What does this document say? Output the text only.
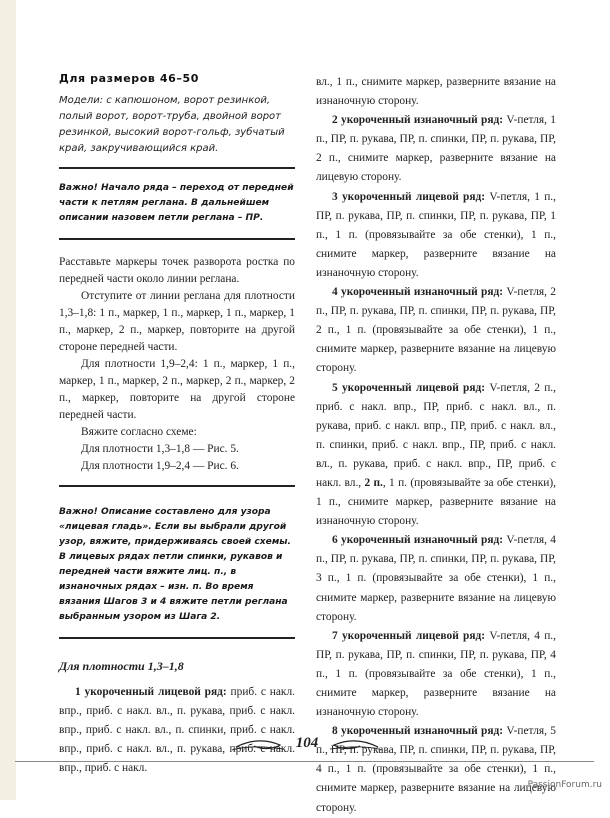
Для размеров 46–50
Модели: с капюшоном, ворот резинкой, полый ворот, ворот-труба, двойной ворот резинкой, высокий ворот-гольф, зубчатый край, закручивающийся край.
Важно! Начало ряда – переход от передней части к петлям реглана. В дальнейшем описании назовем петли реглана – ПР.

Расставьте маркеры точек разворота ростка по передней части около линии реглана.

Отступите от линии реглана для плотности 1,3–1,8: 1 п., маркер, 1 п., маркер, 1 п., маркер, 1 п., маркер, 2 п., маркер, повторите на другой стороне передней части.

Для плотности 1,9–2,4: 1 п., маркер, 1 п., маркер, 1 п., маркер, 2 п., маркер, 2 п., маркер, 2 п., маркер, повторите на другой стороне передней части.

Вяжите согласно схеме:

Для плотности 1,3–1,8 — Рис. 5.

Для плотности 1,9–2,4 — Рис. 6.

Важно! Описание составлено для узора «лицевая гладь». Если вы выбрали другой узор, вяжите, придерживаясь своей схемы. В лицевых рядах петли спинки, рукавов и передней части вяжите лиц. п., в изнаночных рядах – изн. п. Во время вязания Шагов 3 и 4 вяжите петли реглана выбранным узором из Шага 2.
Для плотности 1,3–1,8

1 укороченный лицевой ряд: приб. с накл. впр., приб. с накл. вл., п. рукава, приб. с накл. впр., приб. с накл. вл., п. спинки, приб. с накл. впр., приб. с накл. вл., п. рукава, приб. с накл. впр., приб. с накл.

вл., 1 п., снимите маркер, разверните вязание на изнаночную сторону.

2 укороченный изнаночный ряд: V-петля, 1 п., ПР, п. рукава, ПР, п. спинки, ПР, п. рукава, ПР, 2 п., снимите маркер, разверните вязание на лицевую сторону.

3 укороченный лицевой ряд: V-петля, 1 п., ПР, п. рукава, ПР, п. спинки, ПР, п. рукава, ПР, 1 п., 1 п. (провязывайте за обе стенки), 1 п., снимите маркер, разверните вязание на изнаночную сторону.

4 укороченный изнаночный ряд: V-петля, 2 п., ПР, п. рукава, ПР, п. спинки, ПР, п. рукава, ПР, 2 п., 1 п. (провязывайте за обе стенки), 1 п., снимите маркер, разверните вязание на лицевую сторону.

5 укороченный лицевой ряд: V-петля, 2 п., приб. с накл. впр., ПР, приб. с накл. вл., п. рукава, приб. с накл. впр., ПР, приб. с накл. вл., п. спинки, приб. с накл. впр., ПР, приб. с накл. вл., п. рукава, приб. с накл. впр., ПР, приб. с накл. вл., 2 п., 1 п. (провязывайте за обе стенки), 1 п., снимите маркер, разверните вязание на изнаночную сторону.

6 укороченный изнаночный ряд: V-петля, 4 п., ПР, п. рукава, ПР, п. спинки, ПР, п. рукава, ПР, 3 п., 1 п. (провязывайте за обе стенки), 1 п., снимите маркер, разверните вязание на лицевую сторону.

7 укороченный лицевой ряд: V-петля, 4 п., ПР, п. рукава, ПР, п. спинки, ПР, п. рукава, ПР, 4 п., 1 п. (провязывайте за обе стенки), 1 п., снимите маркер, разверните вязание на изнаночную сторону.

8 укороченный изнаночный ряд: V-петля, 5 п., ПР, п. рукава, ПР, п. спинки, ПР, п. рукава, ПР, 4 п., 1 п. (провязывайте за обе стенки), 1 п., снимите маркер, разверните вязание на лицевую сторону.

104
PassionForum.ru
